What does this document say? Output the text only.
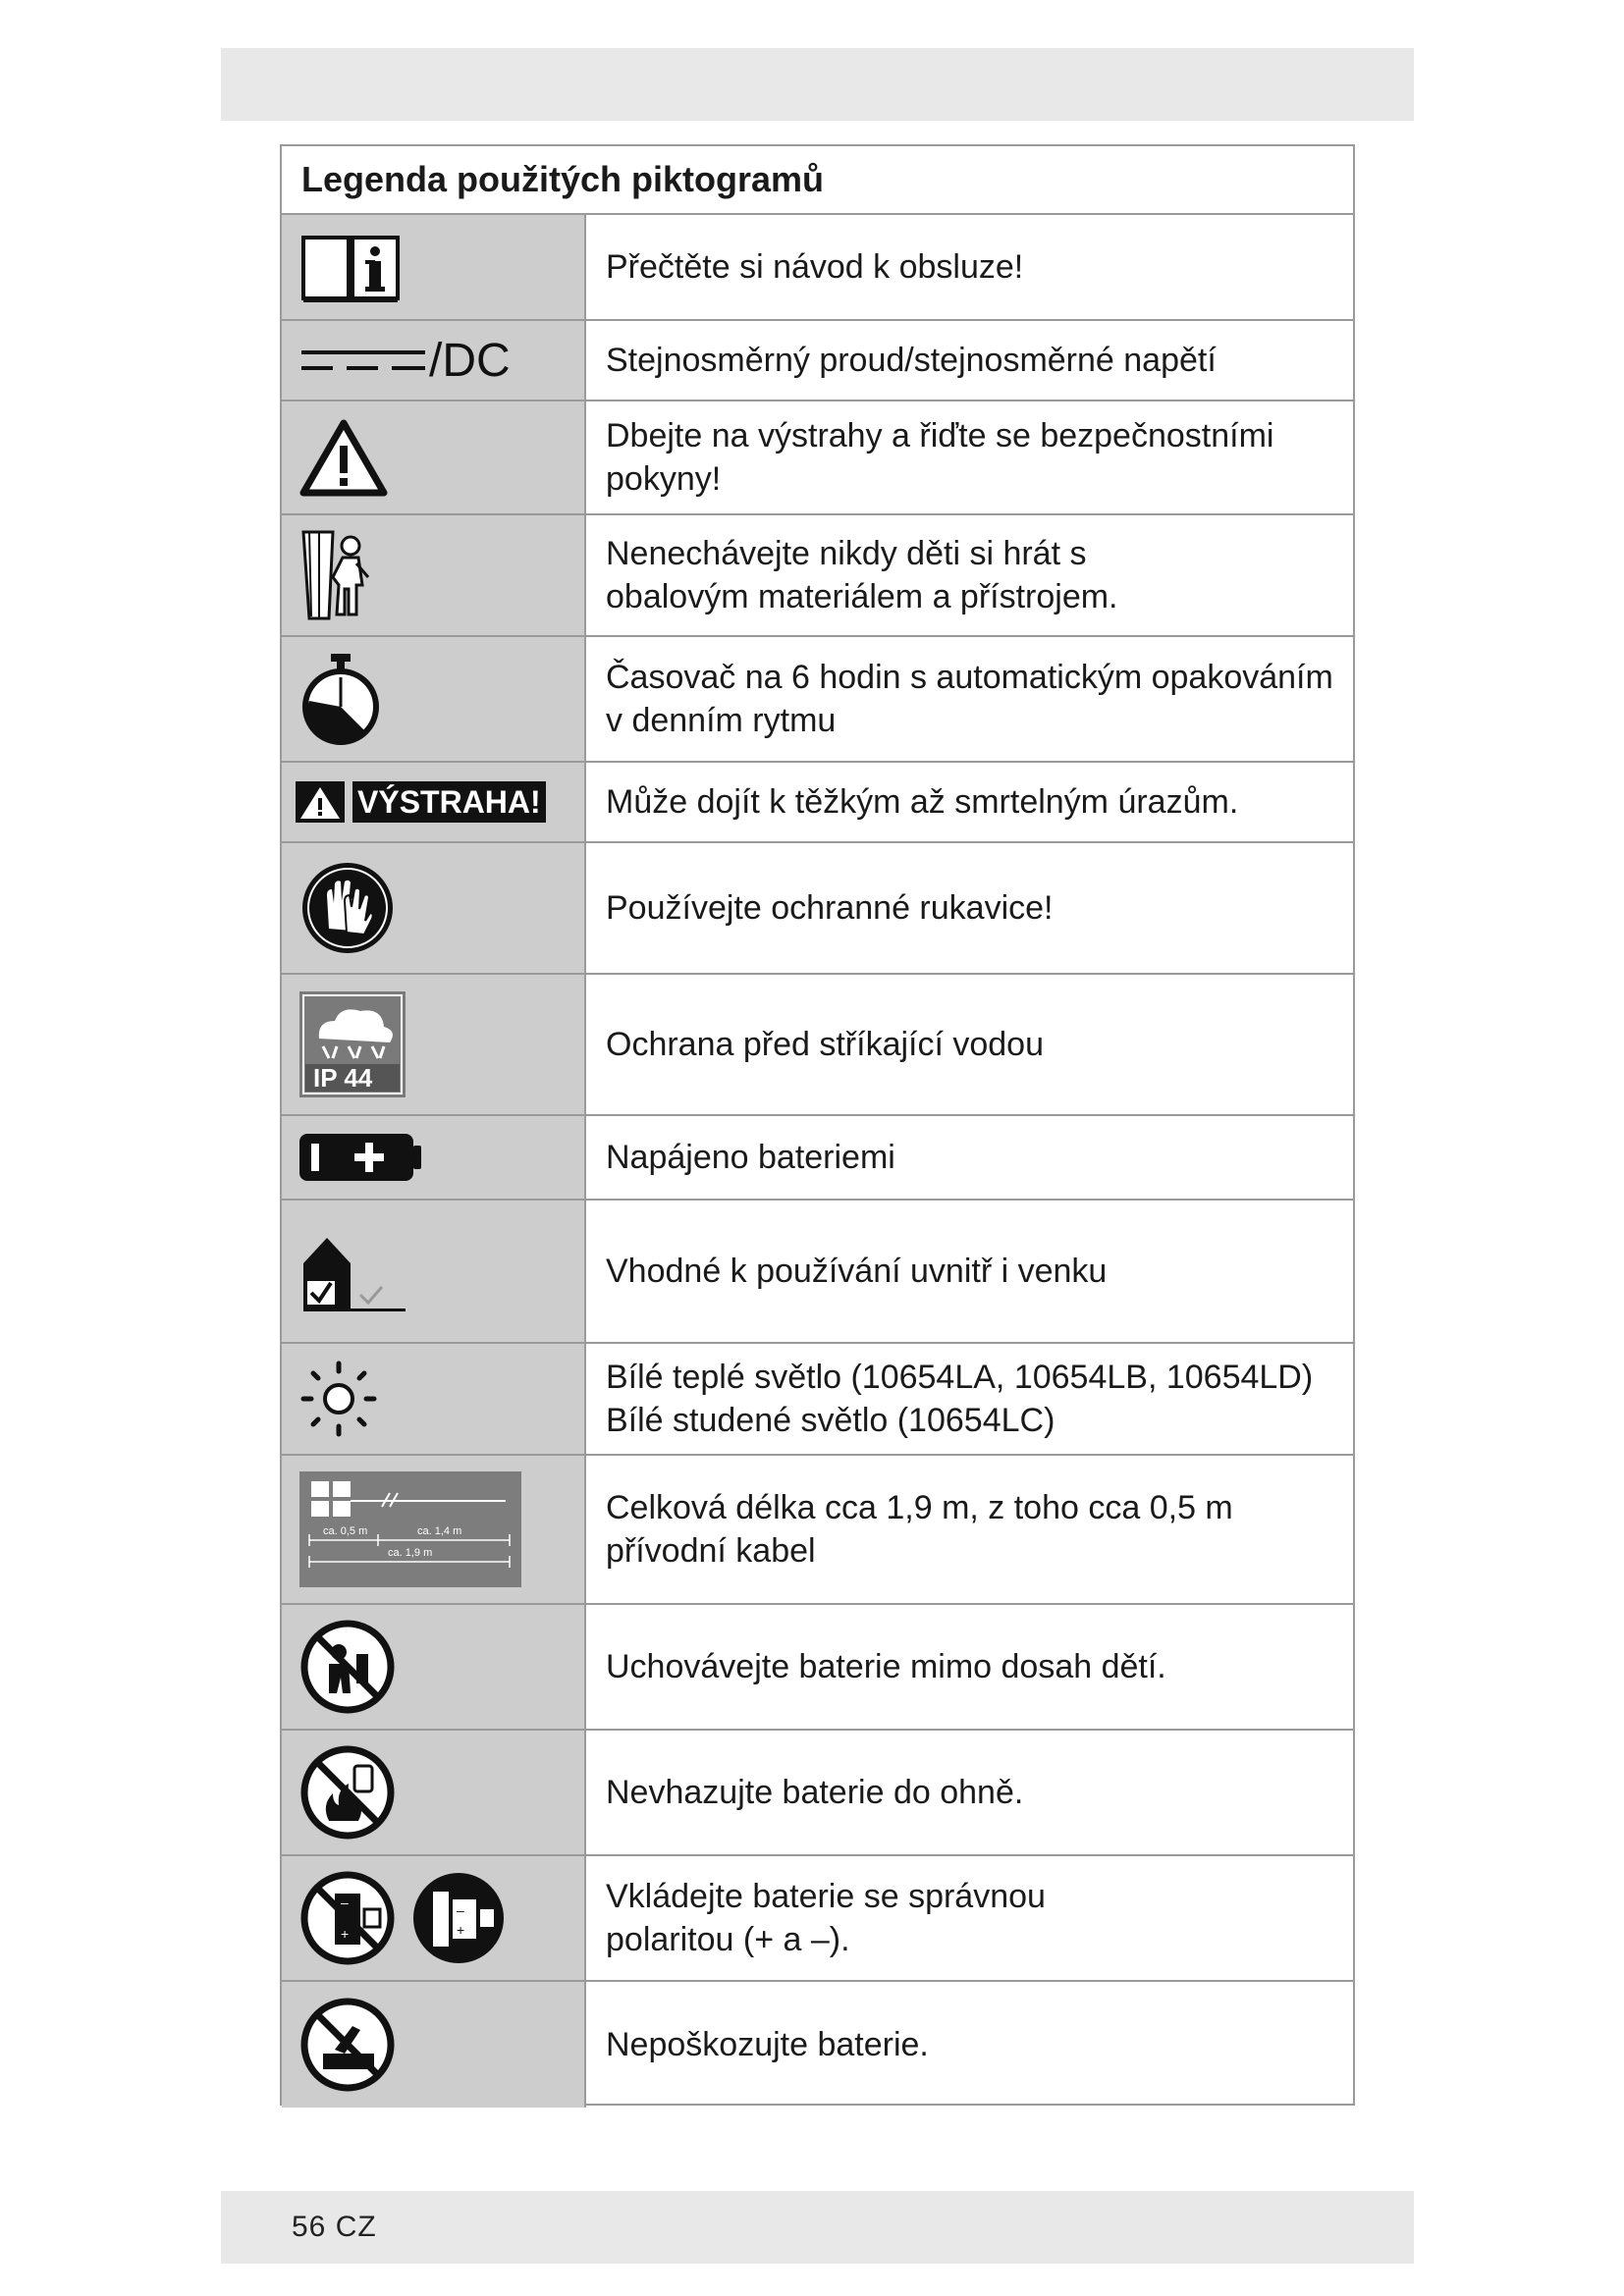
Legenda použitých piktogramů
Přečtěte si návod k obsluze!
/DC	Stejnosměrný proud/stejnosměrné napětí
Dbejte na výstrahy a řiďte se bezpečnostními pokyny!
Nenechávejte nikdy děti si hrát s obalovým materiálem a přístrojem.
Časovač na 6 hodin s automatickým opakováním v denním rytmu
VÝSTRAHA! Může dojít k těžkým až smrtelným úrazům.
Používejte ochranné rukavice!
IP 44
Ochrana před stříkající vodou
Napájeno bateriemi
Vhodné k používání uvnitř i venku
Bílé teplé světlo (10654LA, 10654LB, 10654LD)
Bílé studené světlo (10654LC)
ca. 0,5 m	ca. 1,4 m
ca. 1,9 m
Celková délka cca 1,9 m, z toho cca 0,5 m přívodní kabel
Uchovávejte baterie mimo dosah dětí.
Nevhazujte baterie do ohně.
–
+
–
+
Vkládejte baterie se správnou
polaritou (+ a –).
Nepoškozujte baterie.
56 CZ
